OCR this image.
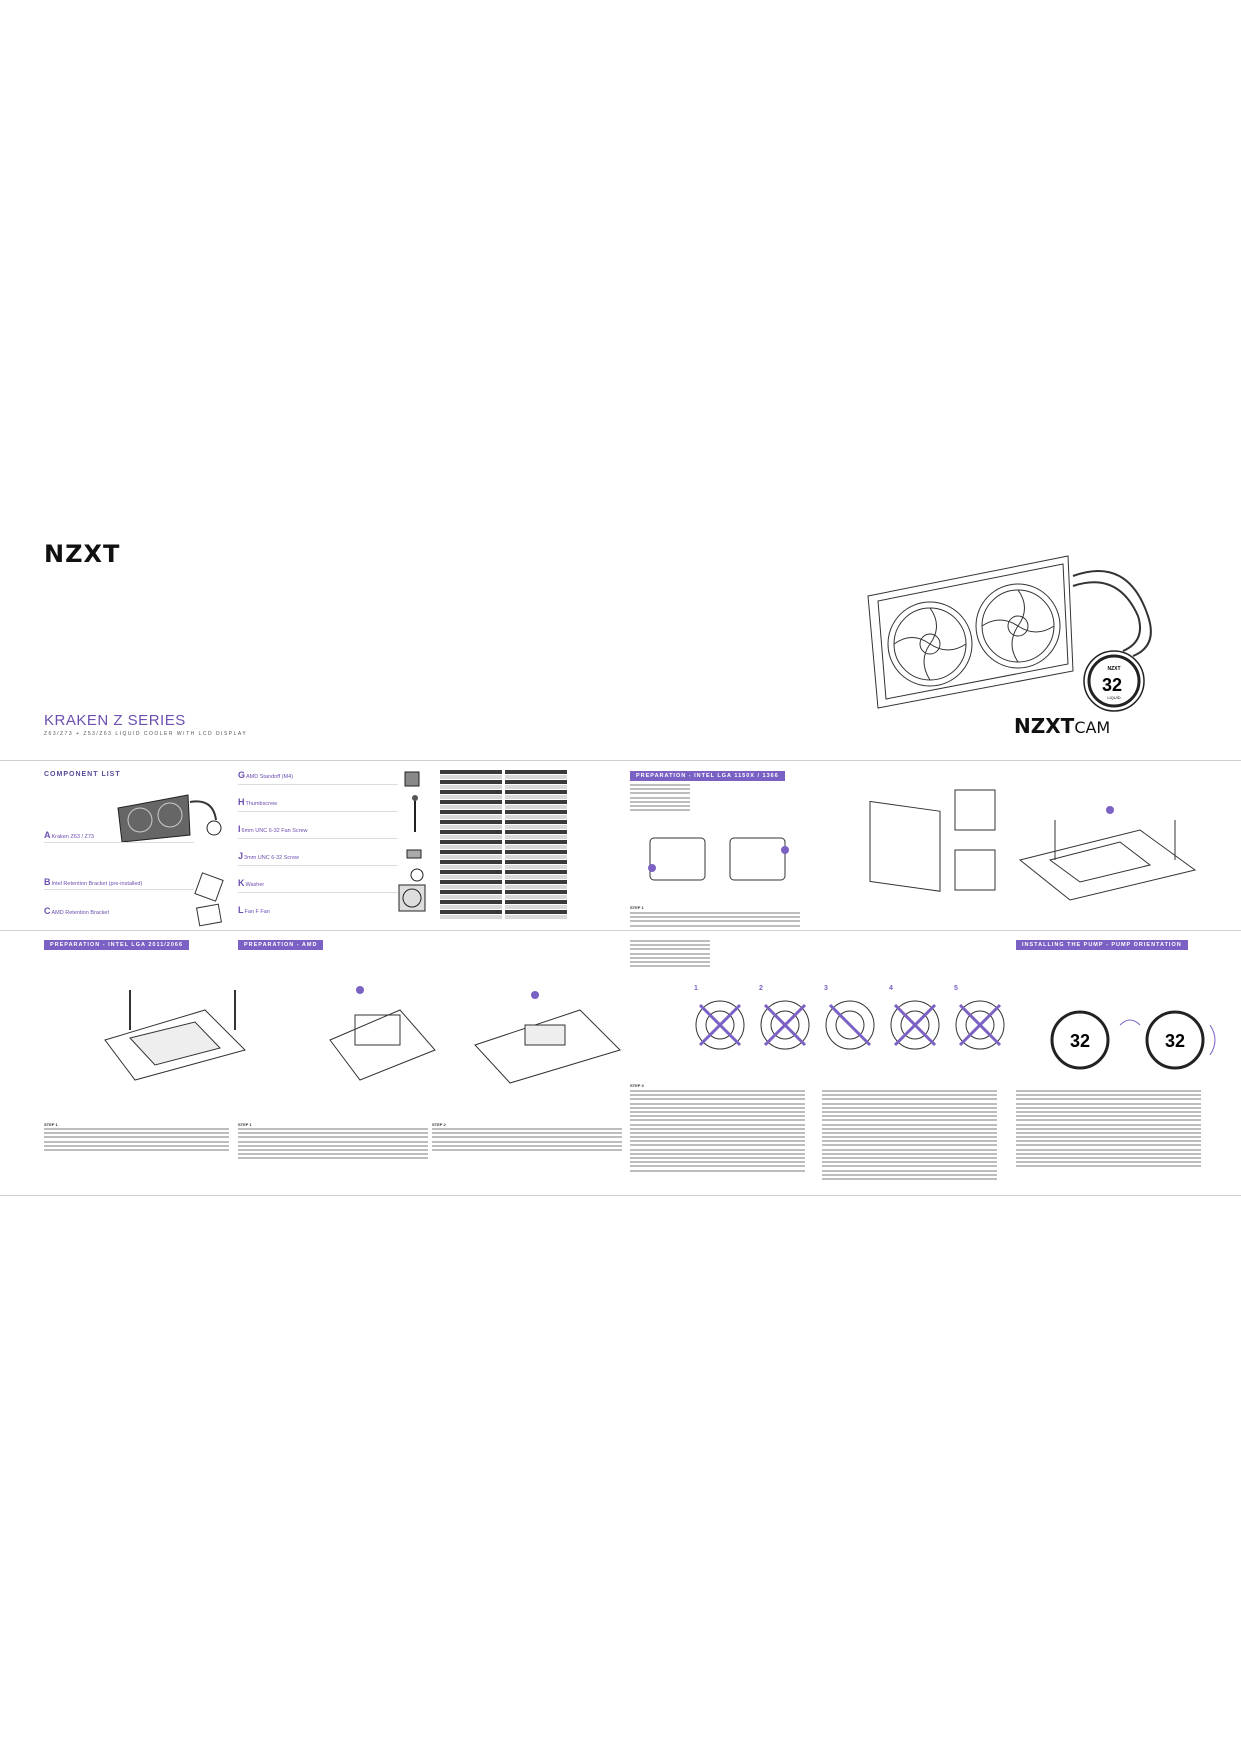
NZXT
KRAKEN Z SERIES
Z63/Z73 + Z53/Z63 LIQUID COOLER WITH LCD DISPLAY	NZXTCAM
NZXT
32
LIQUID
COMPONENT LIST
AKraken Z63 / Z73
BIntel Retention Bracket (pre-installed)
CAMD Retention Bracket
GAMD Standoff (M4)
HThumbscrew
I6mm UNC 6-32 Fan Screw
J3mm UNC 6-32 Screw
KWasher
LFan F Fan
PREPARATION - INTEL LGA 1150X / 1366
STEP 1
PREPARATION - INTEL LGA 2011/2066
STEP 1
PREPARATION - AMD
STEP 1	STEP 2
1	2	3	4	5
STEP 3
INSTALLING THE PUMP - PUMP ORIENTATION
32	32
